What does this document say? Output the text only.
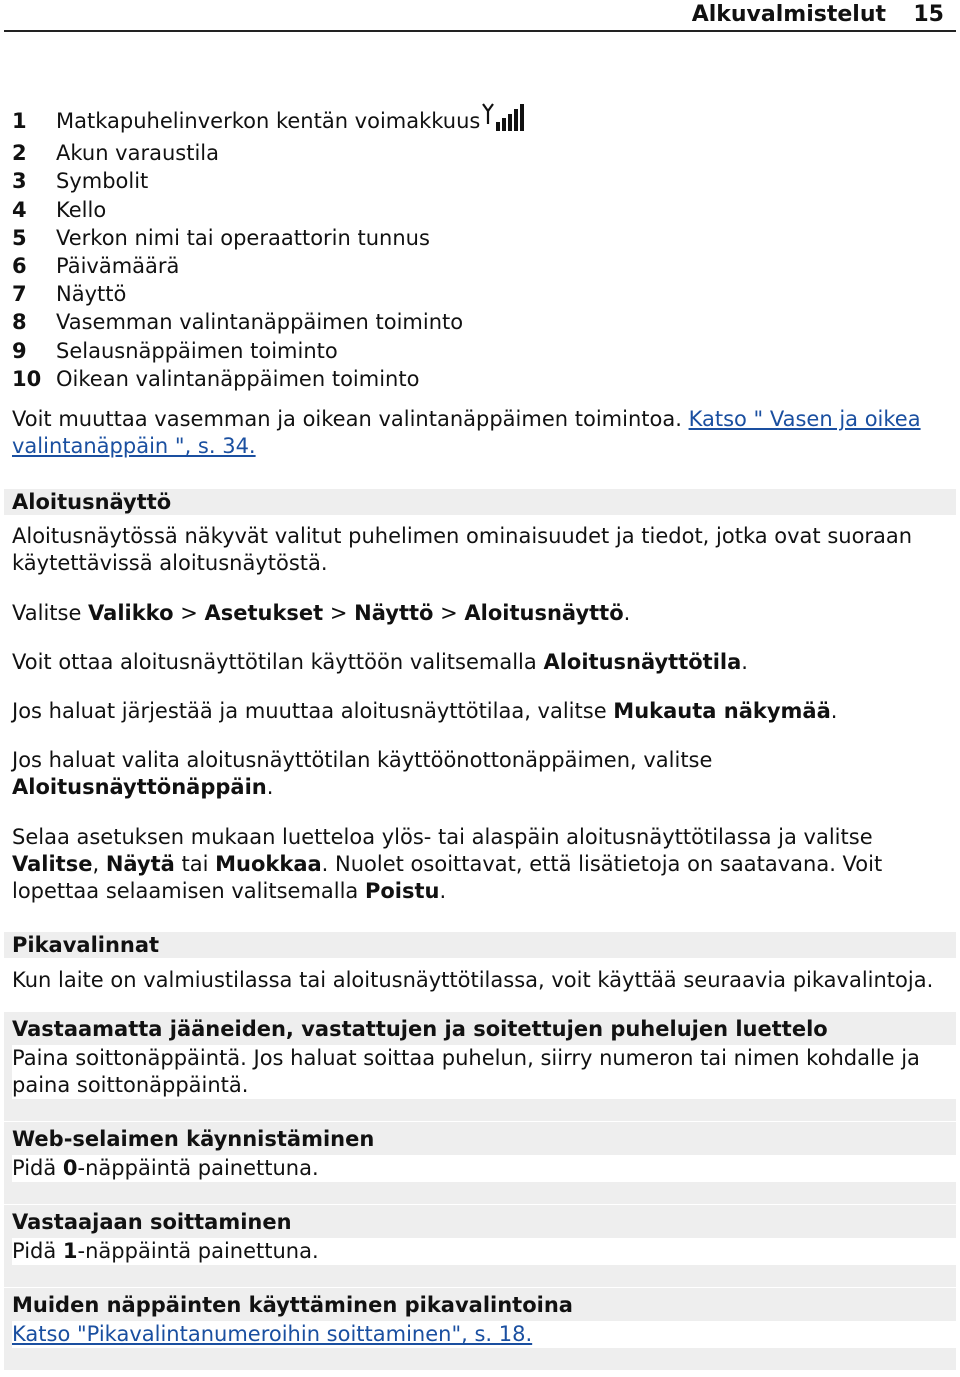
Alkuvalmistelut 15
1 Matkapuhelinverkon kentän voimakkuus
2 Akun varaustila
3 Symbolit
4 Kello
5 Verkon nimi tai operaattorin tunnus
6 Päivämäärä
7 Näyttö
8 Vasemman valintanäppäimen toiminto
9 Selausnäppäimen toiminto
10 Oikean valintanäppäimen toiminto

Voit muuttaa vasemman ja oikean valintanäppäimen toimintoa. Katso " Vasen ja oikea valintanäppäin ", s. 34.

Aloitusnäyttö

Aloitusnäytössä näkyvät valitut puhelimen ominaisuudet ja tiedot, jotka ovat suoraan käytettävissä aloitusnäytöstä.

Valitse Valikko > Asetukset > Näyttö > Aloitusnäyttö.

Voit ottaa aloitusnäyttötilan käyttöön valitsemalla Aloitusnäyttötila.

Jos haluat järjestää ja muuttaa aloitusnäyttötilaa, valitse Mukauta näkymää.

Jos haluat valita aloitusnäyttötilan käyttöönottonäppäimen, valitse Aloitusnäyttönäppäin.

Selaa asetuksen mukaan luetteloa ylös- tai alaspäin aloitusnäyttötilassa ja valitse Valitse, Näytä tai Muokkaa. Nuolet osoittavat, että lisätietoja on saatavana. Voit lopettaa selaamisen valitsemalla Poistu.

Pikavalinnat

Kun laite on valmiustilassa tai aloitusnäyttötilassa, voit käyttää seuraavia pikavalintoja.

Vastaamatta jääneiden, vastattujen ja soitettujen puhelujen luettelo
Paina soittonäppäintä. Jos haluat soittaa puhelun, siirry numeron tai nimen kohdalle ja paina soittonäppäintä.
Web-selaimen käynnistäminen
Pidä 0-näppäintä painettuna.
Vastaajaan soittaminen
Pidä 1-näppäintä painettuna.
Muiden näppäinten käyttäminen pikavalintoina
Katso "Pikavalintanumeroihin soittaminen", s. 18.
